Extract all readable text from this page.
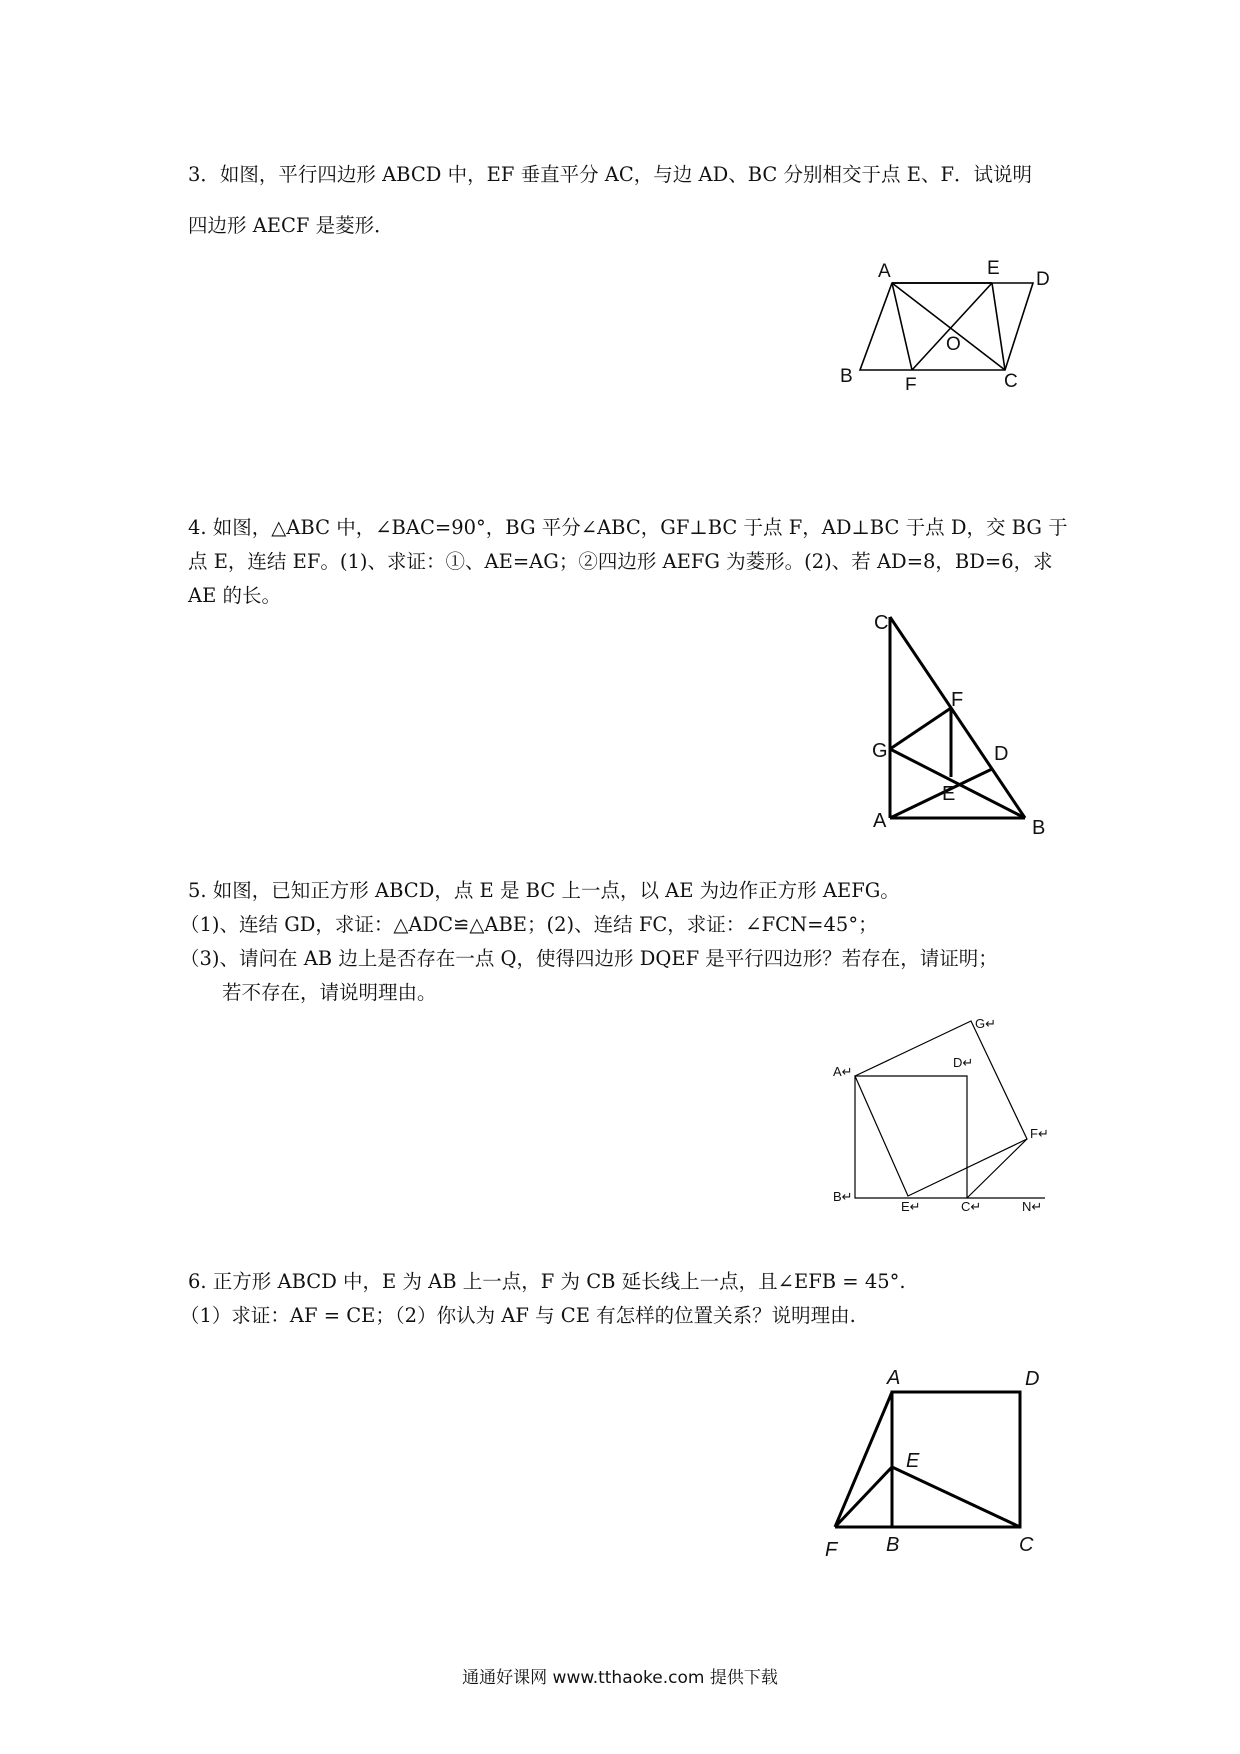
3．如图，平行四边形 ABCD 中，EF 垂直平分 AC，与边 AD、BC 分别相交于点 E、F．试说明

四边形 AECF 是菱形．

A	E
D
B	F	C
O

4. 如图，△ABC 中，∠BAC=90°，BG 平分∠ABC，GF⊥BC 于点 F，AD⊥BC 于点 D，交 BG 于

点 E，连结 EF。(1)、求证：①、AE=AG；②四边形 AEFG 为菱形。(2)、若 AD=8，BD=6，求

AE 的长。

C
F
G	D
E
A	B

5. 如图，已知正方形 ABCD，点 E 是 BC 上一点，以 AE 为边作正方形 AEFG。

（1)、连结 GD，求证：△ADC≌△ABE；(2)、连结 FC，求证：∠FCN=45°；

（3)、请问在 AB 边上是否存在一点 Q，使得四边形 DQEF 是平行四边形？若存在，请证明；

若不存在，请说明理由。

G↵
D↵
A↵
F↵
B↵
E↵	C↵	N↵

6. 正方形 ABCD 中，E 为 AB 上一点，F 为 CB 延长线上一点，且∠EFB = 45°.

（1）求证：AF = CE；（2）你认为 AF 与 CE 有怎样的位置关系？说明理由.

A	D
E
F B	C
通通好课网 www.tthaoke.com 提供下载
